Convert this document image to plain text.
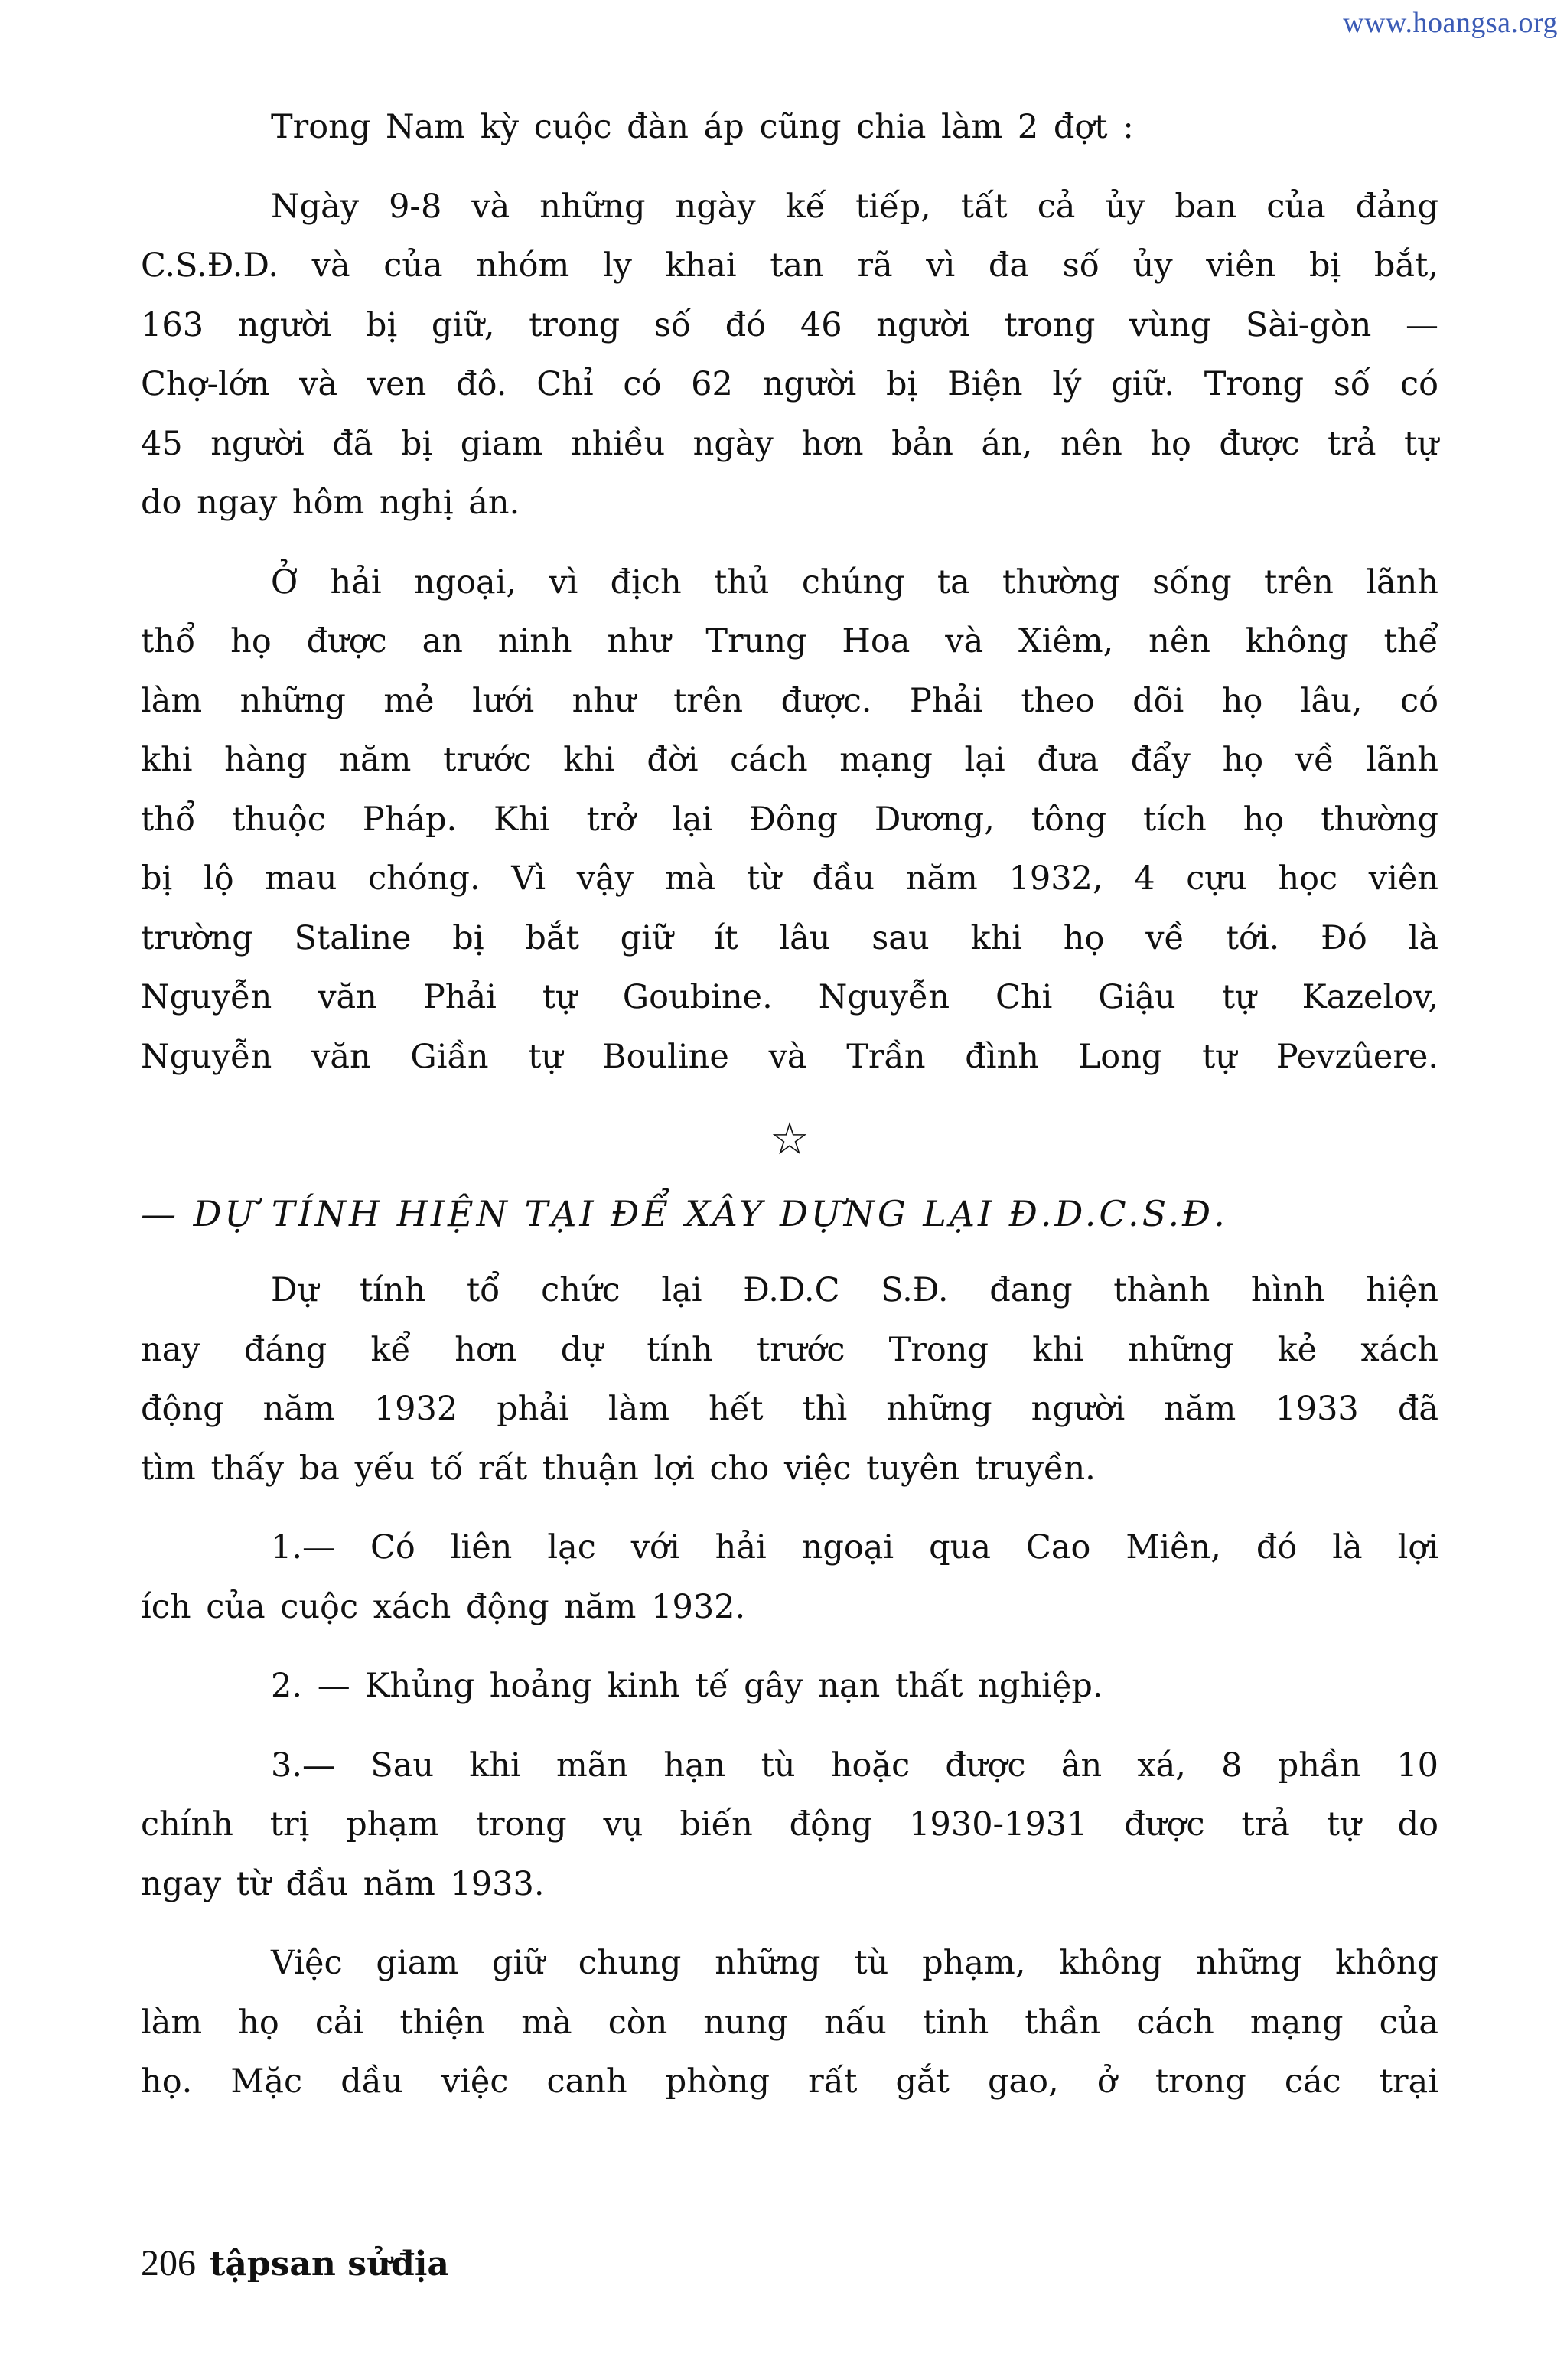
www.hoangsa.org

Trong Nam kỳ cuộc đàn áp cũng chia làm 2 đợt :

Ngày 9-8 và những ngày kế tiếp, tất cả ủy ban của đảng
C.S.Đ.D. và của nhóm ly khai tan rã vì đa số ủy viên bị bắt,
163 người bị giữ, trong số đó 46 người trong vùng Sài-gòn —
Chợ-lớn và ven đô. Chỉ có 62 người bị Biện lý giữ. Trong số có
45 người đã bị giam nhiều ngày hơn bản án, nên họ được trả tự
do ngay hôm nghị án.

Ở hải ngoại, vì địch thủ chúng ta thường sống trên lãnh
thổ họ được an ninh như Trung Hoa và Xiêm, nên không thể
làm những mẻ lưới như trên được. Phải theo dõi họ lâu, có
khi hàng năm trước khi đời cách mạng lại đưa đẩy họ về lãnh
thổ thuộc Pháp. Khi trở lại Đông Dương, tông tích họ thường
bị lộ mau chóng. Vì vậy mà từ đầu năm 1932, 4 cựu học viên
trường Staline bị bắt giữ ít lâu sau khi họ về tới. Đó là
Nguyễn văn Phải tự Goubine. Nguyễn Chi Giậu tự Kazelov,
Nguyễn văn Giần tự Bouline và Trần đình Long tự Pevzûere.

☆
— DỰ TÍNH HIỆN TẠI ĐỂ XÂY DỰNG LẠI Đ.D.C.S.Đ.

Dự tính tổ chức lại Đ.D.C S.Đ. đang thành hình hiện
nay đáng kể hơn dự tính trước Trong khi những kẻ xách
động năm 1932 phải làm hết thì những người năm 1933 đã
tìm thấy ba yếu tố rất thuận lợi cho việc tuyên truyền.

1.— Có liên lạc với hải ngoại qua Cao Miên, đó là lợi
ích của cuộc xách động năm 1932.

2. — Khủng hoảng kinh tế gây nạn thất nghiệp.

3.— Sau khi mãn hạn tù hoặc được ân xá, 8 phần 10
chính trị phạm trong vụ biến động 1930-1931 được trả tự do
ngay từ đầu năm 1933.

Việc giam giữ chung những tù phạm, không những không
làm họ cải thiện mà còn nung nấu tinh thần cách mạng của
họ. Mặc dầu việc canh phòng rất gắt gao, ở trong các trại

206 tậpsan sửđịa
